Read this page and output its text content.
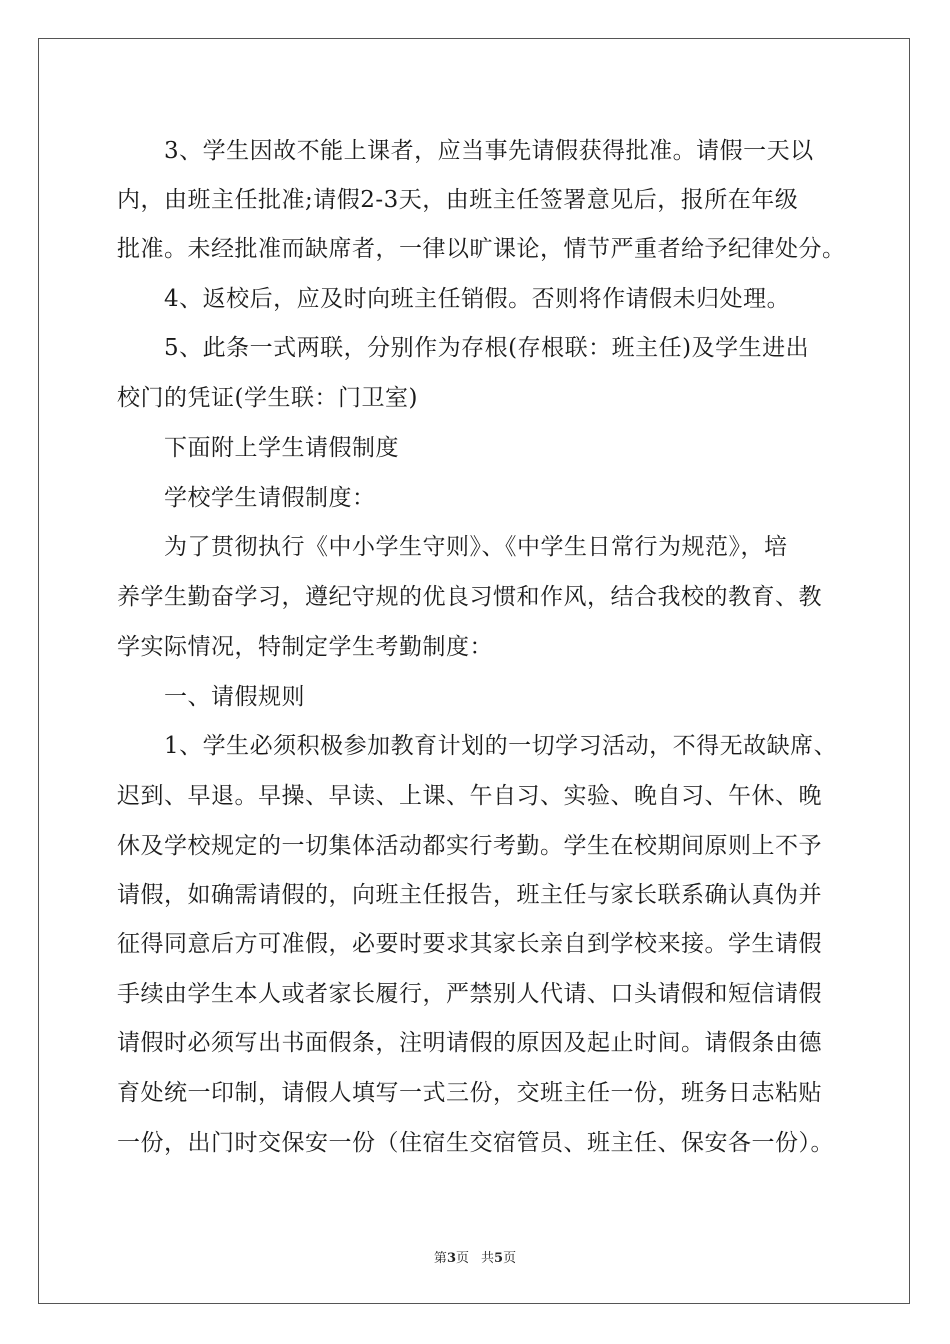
3、学生因故不能上课者，应当事先请假获得批准。请假一天以
内，由班主任批准;请假2-3天，由班主任签署意见后，报所在年级
批准。未经批准而缺席者，一律以旷课论，情节严重者给予纪律处分。
4、返校后，应及时向班主任销假。否则将作请假未归处理。
5、此条一式两联，分别作为存根(存根联：班主任)及学生进出
校门的凭证(学生联：门卫室)
下面附上学生请假制度
学校学生请假制度：
为了贯彻执行《中小学生守则》、《中学生日常行为规范》，培
养学生勤奋学习，遵纪守规的优良习惯和作风，结合我校的教育、教
学实际情况，特制定学生考勤制度：
一、请假规则
1、学生必须积极参加教育计划的一切学习活动，不得无故缺席、
迟到、早退。早操、早读、上课、午自习、实验、晚自习、午休、晚
休及学校规定的一切集体活动都实行考勤。学生在校期间原则上不予
请假，如确需请假的，向班主任报告，班主任与家长联系确认真伪并
征得同意后方可准假，必要时要求其家长亲自到学校来接。学生请假
手续由学生本人或者家长履行，严禁别人代请、口头请假和短信请假
请假时必须写出书面假条，注明请假的原因及起止时间。请假条由德
育处统一印制，请假人填写一式三份，交班主任一份，班务日志粘贴
一份，出门时交保安一份（住宿生交宿管员、班主任、保安各一份）。
第3页 共5页
